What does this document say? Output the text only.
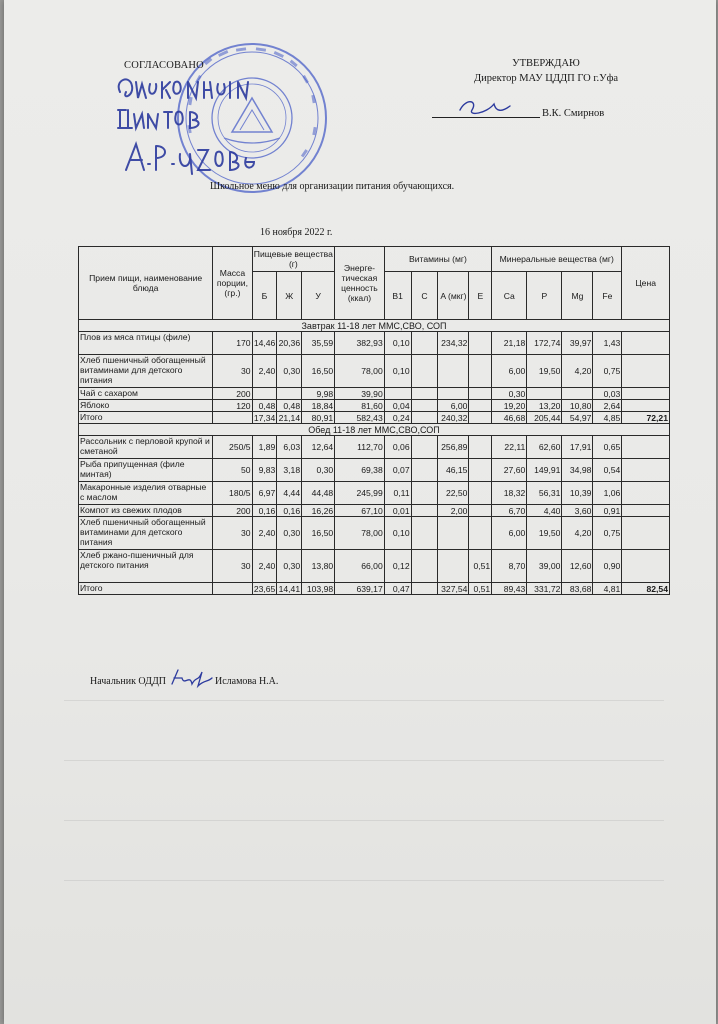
СОГЛАСОВАНО	УТВЕРЖДАЮ
Директор МАУ ЦДДП ГО г.Уфа
В.К. Смирнов
Школьное меню для организации питания обучающихся.
16 ноября 2022 г.
Прием пищи, наименование блюда	Масса порции, (гр.)	Пищевые вещества (г)			Энерге-тическая ценность (ккал)	Витамины (мг)				Минеральные вещества (мг)				Цена
		Б	Ж	У		B1	C	A (мкг)	E	Ca	P	Mg	Fe	
Завтрак 11-18 лет ММС,СВО, СОП														
Плов из мяса птицы (филе)	170	14,46	20,36	35,59	382,93	0,10		234,32		21,18	172,74	39,97	1,43	
Хлеб пшеничный обогащенный витаминами для детского питания	30	2,40	0,30	16,50	78,00	0,10				6,00	19,50	4,20	0,75	
Чай с сахаром	200			9,98	39,90					0,30			0,03	
Яблоко	120	0,48	0,48	18,84	81,60	0,04		6,00		19,20	13,20	10,80	2,64	
Итого		17,34	21,14	80,91	582,43	0,24		240,32		46,68	205,44	54,97	4,85	72,21
Обед 11-18 лет ММС,СВО,СОП														
Рассольник с перловой крупой и сметаной	250/5	1,89	6,03	12,64	112,70	0,06		256,89		22,11	62,60	17,91	0,65	
Рыба припущенная (филе минтая)	50	9,83	3,18	0,30	69,38	0,07		46,15		27,60	149,91	34,98	0,54	
Макаронные изделия отварные с маслом	180/5	6,97	4,44	44,48	245,99	0,11		22,50		18,32	56,31	10,39	1,06	
Компот из свежих плодов	200	0,16	0,16	16,26	67,10	0,01		2,00		6,70	4,40	3,60	0,91	
Хлеб пшеничный обогащенный витаминами для детского питания	30	2,40	0,30	16,50	78,00	0,10				6,00	19,50	4,20	0,75	
Хлеб ржано-пшеничный для детского питания	30	2,40	0,30	13,80	66,00	0,12			0,51	8,70	39,00	12,60	0,90	
Итого		23,65	14,41	103,98	639,17	0,47		327,54	0,51	89,43	331,72	83,68	4,81	82,54
Начальник ОДДП	Исламова Н.А.
